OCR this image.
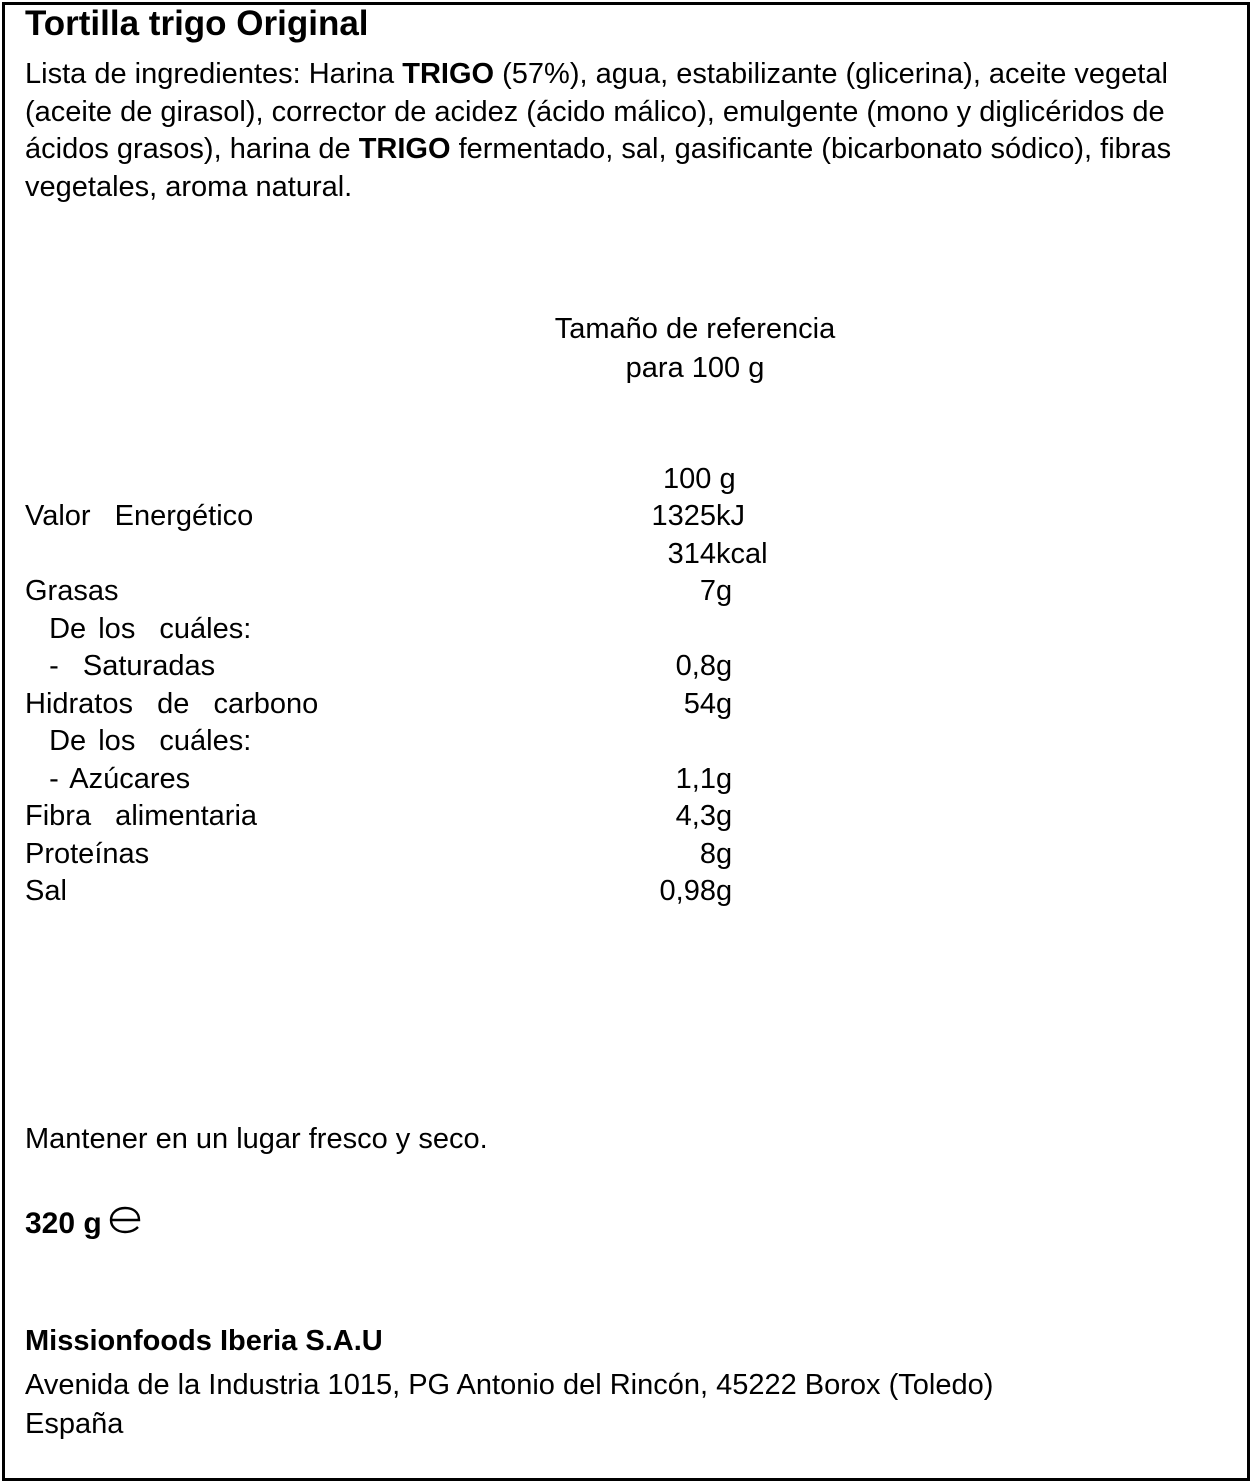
Tortilla trigo Original
Lista de ingredientes: Harina TRIGO (57%), agua, estabilizante (glicerina), aceite vegetal (aceite de girasol), corrector de acidez (ácido málico), emulgente (mono y diglicéridos de ácidos grasos), harina de TRIGO fermentado, sal, gasificante (bicarbonato sódico), fibras vegetales, aroma natural.
Tamaño de referencia
para 100 g
100 g
Valor  Energético	1325 kJ
314 kcal
Grasas	7 g
De los  cuáles:
-  Saturadas	0,8 g
Hidratos  de  carbono	54 g
De los  cuáles:
- Azúcares	1,1 g
Fibra  alimentaria	4,3 g
Proteínas	8 g
Sal	0,98 g
Mantener en un lugar fresco y seco.
320 g
Missionfoods Iberia S.A.U
Avenida de la Industria 1015, PG Antonio del Rincón, 45222 Borox (Toledo)
España
